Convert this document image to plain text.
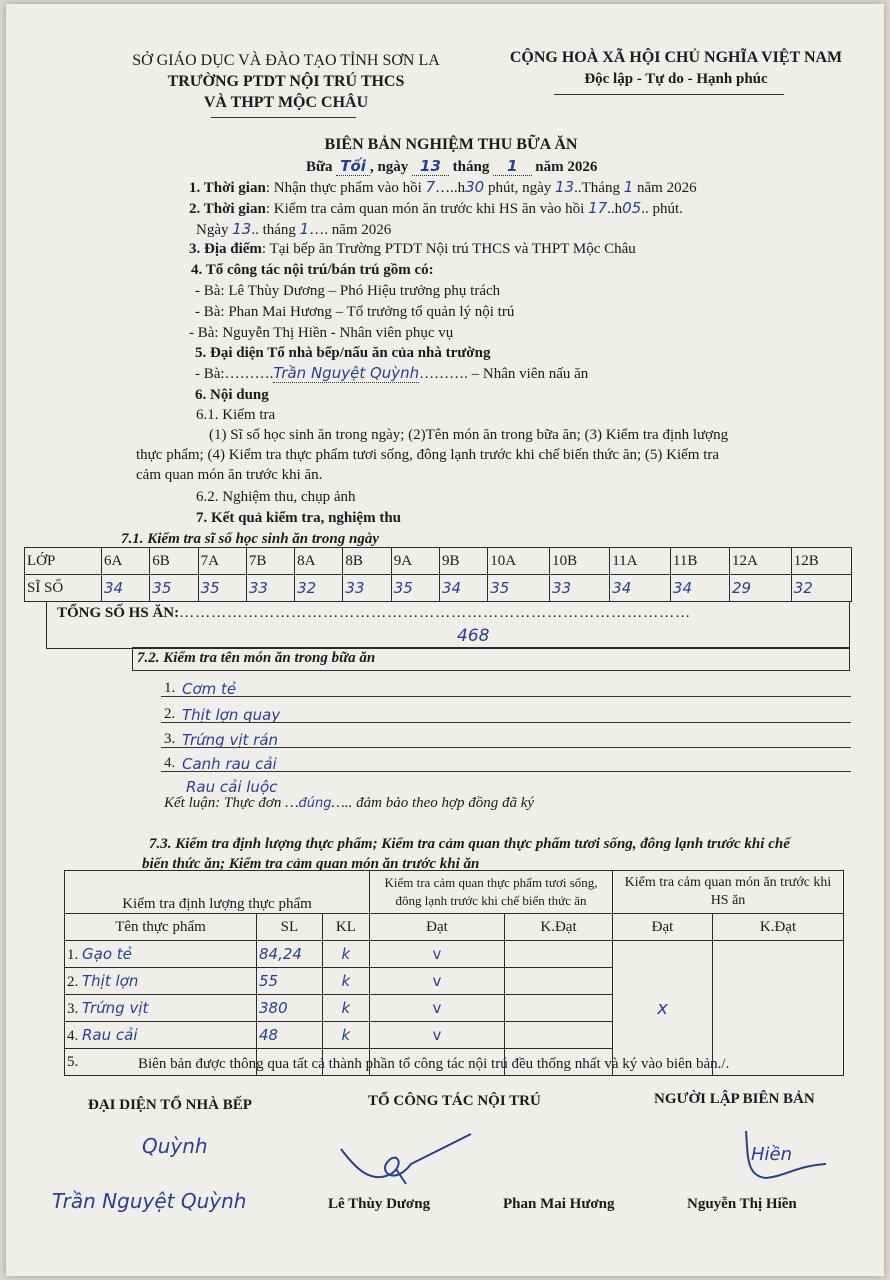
SỞ GIÁO DỤC VÀ ĐÀO TẠO TỈNH SƠN LA
TRƯỜNG PTDT NỘI TRÚ THCS
VÀ THPT MỘC CHÂU
CỘNG HOÀ XÃ HỘI CHỦ NGHĨA VIỆT NAM
Độc lập - Tự do - Hạnh phúc
BIÊN BẢN NGHIỆM THU BỮA ĂN
Bữa Tối , ngày 13 tháng 1 năm 2026
1. Thời gian: Nhận thực phẩm vào hồi 7…..h30 phút, ngày 13..Tháng 1 năm 2026
2. Thời gian: Kiểm tra cảm quan món ăn trước khi HS ăn vào hồi 17..h05.. phút.
Ngày 13.. tháng 1…. năm 2026
3. Địa điểm: Tại bếp ăn Trường PTDT Nội trú THCS và THPT Mộc Châu
4. Tổ công tác nội trú/bán trú gồm có:
- Bà: Lê Thùy Dương – Phó Hiệu trưởng phụ trách
- Bà: Phan Mai Hương – Tổ trưởng tổ quản lý nội trú
- Bà: Nguyễn Thị Hiền - Nhân viên phục vụ
5. Đại diện Tổ nhà bếp/nấu ăn của nhà trường
- Bà:……….Trần Nguyệt Quỳnh………. – Nhân viên nấu ăn
6. Nội dung
6.1. Kiểm tra
(1) Sĩ số học sinh ăn trong ngày; (2)Tên món ăn trong bữa ăn; (3) Kiểm tra định lượng
thực phẩm; (4) Kiểm tra thực phẩm tươi sống, đông lạnh trước khi chế biến thức ăn; (5) Kiểm tra
cảm quan món ăn trước khi ăn.
6.2. Nghiệm thu, chụp ảnh
7. Kết quả kiểm tra, nghiệm thu
7.1. Kiểm tra sĩ số học sinh ăn trong ngày
LỚP	6A	6B	7A	7B	8A	8B	9A	9B	10A	10B	11A	11B	12A	12B
SĨ SỐ	34	35	35	33	32	33	35	34	35	33	34	34	29	32
TỔNG SỐ HS ĂN:……………………………………………………………………………………
468
7.2. Kiểm tra tên món ăn trong bữa ăn
1. Cơm tẻ
2. Thịt lợn quay
3. Trứng vịt rán
4. Canh rau cải
Rau cải luộc
Kết luận: Thực đơn …đúng….. đảm bảo theo hợp đồng đã ký
7.3. Kiểm tra định lượng thực phẩm; Kiểm tra cảm quan thực phẩm tươi sống, đông lạnh trước khi chế
biến thức ăn; Kiểm tra cảm quan món ăn trước khi ăn
Kiểm tra định lượng thực phẩm			Kiểm tra cảm quan thực phẩm tươi sống, đông lạnh trước khi chế biến thức ăn		Kiểm tra cảm quan món ăn trước khi HS ăn	
Tên thực phẩm	SL	KL	Đạt	K.Đạt	Đạt	K.Đạt
1. Gạo tẻ	84,24	k	v		x	
2. Thịt lợn	55	k	v			
3. Trứng vịt	380	k	v			
4. Rau cải	48	k	v			
5.							Biên bản được thông qua tất cả thành phần tổ công tác nội trú đều thống nhất và ký vào biên bản./.
ĐẠI DIỆN TỔ NHÀ BẾP	TỔ CÔNG TÁC NỘI TRÚ	NGƯỜI LẬP BIÊN BẢN
Quỳnh
Trần Nguyệt Quỳnh
Hiền
Lê Thùy Dương	Phan Mai Hương	Nguyễn Thị Hiền
